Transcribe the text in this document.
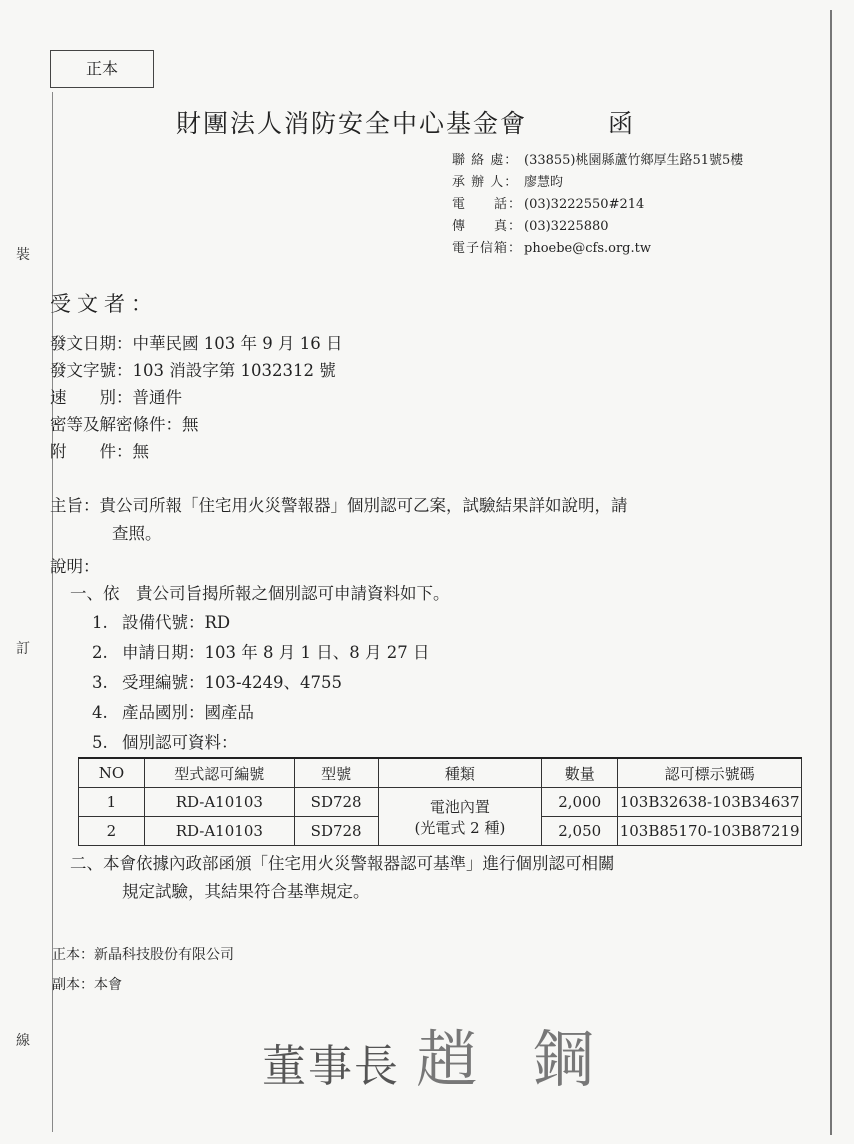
正本
裝
訂
線
財團法人消防安全中心基金會	函
聯 絡 處： (33855)桃園縣蘆竹鄉厚生路51號5樓
承 辦 人： 廖慧昀
電　　話： (03)3222550#214
傳　　真： (03)3225880
電子信箱： phoebe@cfs.org.tw
受文者：
發文日期： 中華民國 103 年 9 月 16 日
發文字號： 103 消設字第 1032312 號
速　　別： 普通件
密等及解密條件： 無
附　　件： 無
主旨：貴公司所報「住宅用火災警報器」個別認可乙案，試驗結果詳如說明，請
查照。
說明：
一、依　貴公司旨揭所報之個別認可申請資料如下。
1. 設備代號：RD
2. 申請日期：103 年 8 月 1 日、8 月 27 日
3. 受理編號：103-4249、4755
4. 產品國別：國產品
5. 個別認可資料：
NO	型式認可編號	型號	種類	數量	認可標示號碼
1	RD-A10103	SD728	電池內置
(光電式 2 種)	2,000	103B32638-103B34637
2	RD-A10103	SD728		2,050	103B85170-103B87219
二、本會依據內政部函頒「住宅用火災警報器認可基準」進行個別認可相關
規定試驗，其結果符合基準規定。
正本：新晶科技股份有限公司
副本：本會
董事長 趙 鋼
